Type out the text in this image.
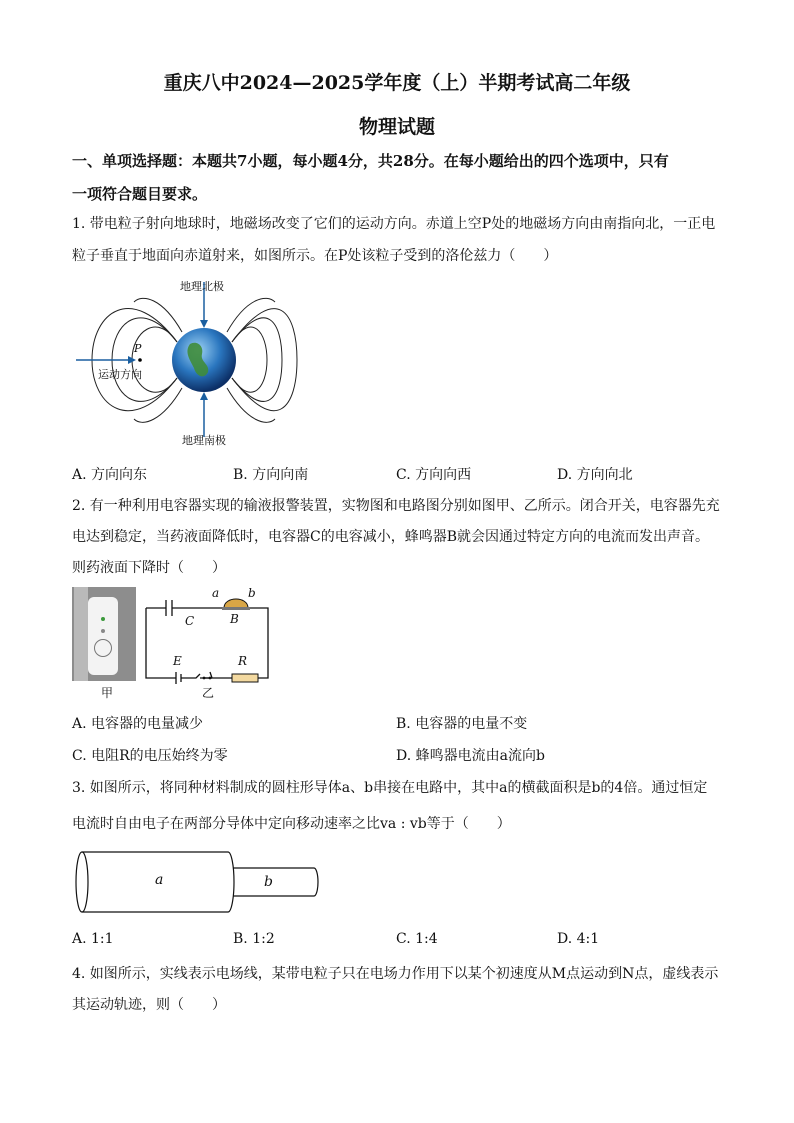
重庆八中2024—2025学年度（上）半期考试高二年级
物理试题
一、单项选择题：本题共7小题，每小题4分，共28分。在每小题给出的四个选项中，只有
一项符合题目要求。
1. 带电粒子射向地球时，地磁场改变了它们的运动方向。赤道上空P处的地磁场方向由南指向北，一正电
粒子垂直于地面向赤道射来，如图所示。在P处该粒子受到的洛伦兹力（　　）
地理北极
地理南极
运动方向
P
A. 方向向东	B. 方向向南	C. 方向向西	D. 方向向北
2. 有一种利用电容器实现的输液报警装置，实物图和电路图分别如图甲、乙所示。闭合开关，电容器先充
电达到稳定，当药液面降低时，电容器C的电容减小，蜂鸣器B就会因通过特定方向的电流而发出声音。
则药液面下降时（　　）
甲
a b
C	B
E	R
乙
A. 电容器的电量减少	B. 电容器的电量不变
C. 电阻R的电压始终为零	D. 蜂鸣器电流由a流向b
3. 如图所示，将同种材料制成的圆柱形导体a、b串接在电路中，其中a的横截面积是b的4倍。通过恒定
电流时自由电子在两部分导体中定向移动速率之比va : vb等于（　　）
a	b
A. 1:1	B. 1:2	C. 1:4	D. 4:1
4. 如图所示，实线表示电场线，某带电粒子只在电场力作用下以某个初速度从M点运动到N点，虚线表示
其运动轨迹，则（　　）
